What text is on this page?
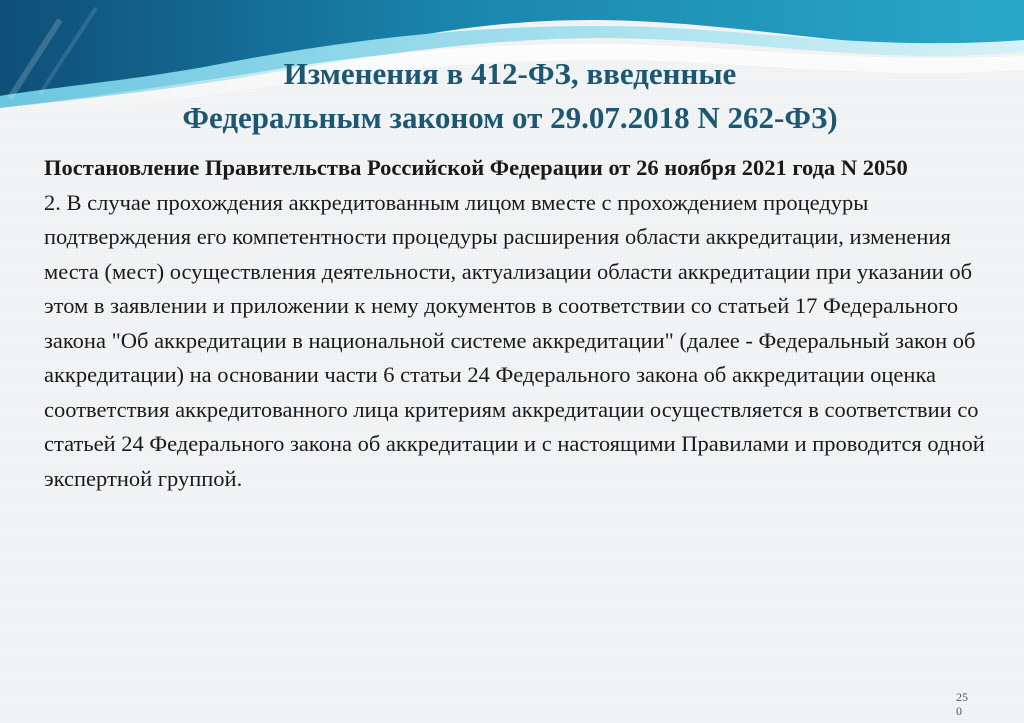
Изменения в 412-ФЗ, введенные
Федеральным законом от 29.07.2018 N 262-ФЗ)

Постановление Правительства Российской Федерации от 26 ноября 2021 года N 2050

2. В случае прохождения аккредитованным лицом вместе с прохождением процедуры подтверждения его компетентности процедуры расширения области аккредитации, изменения места (мест) осуществления деятельности, актуализации области аккредитации при указании об этом в заявлении и приложении к нему документов в соответствии со статьей 17 Федерального закона "Об аккредитации в национальной системе аккредитации" (далее - Федеральный закон об аккредитации) на основании части 6 статьи 24 Федерального закона об аккредитации оценка соответствия аккредитованного лица критериям аккредитации осуществляется в соответствии со статьей 24 Федерального закона об аккредитации и с настоящими Правилами и проводится одной экспертной группой.

25 0
